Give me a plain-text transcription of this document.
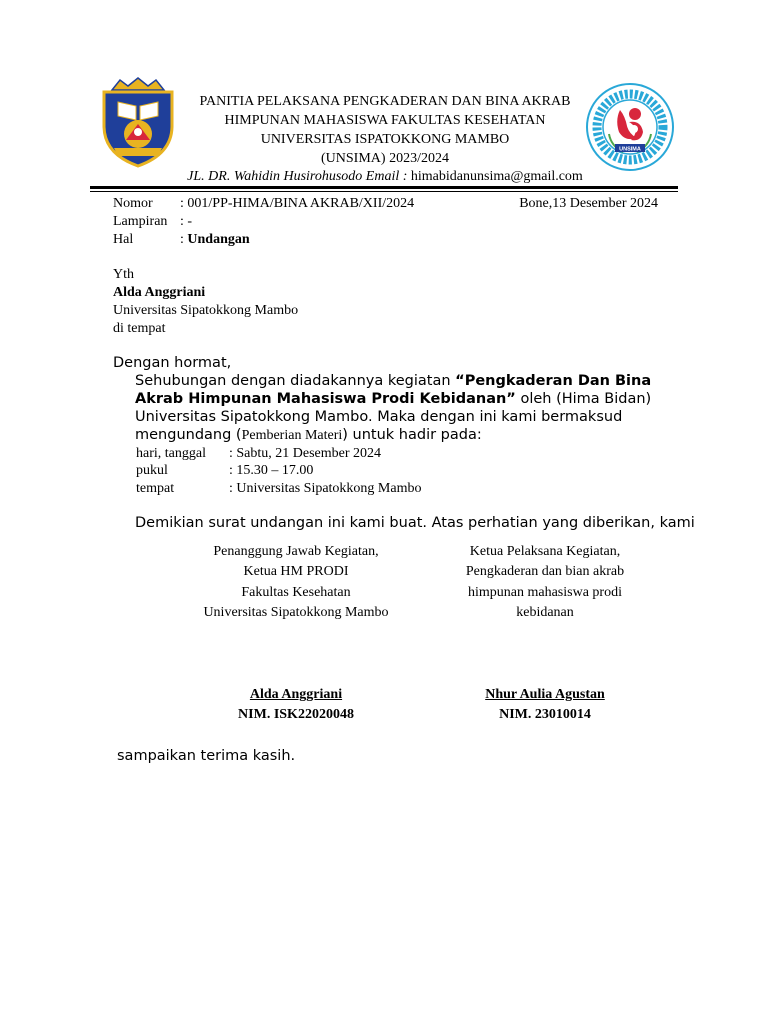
UNSIMA
PANITIA PELAKSANA PENGKADERAN DAN BINA AKRAB
HIMPUNAN MAHASISWA FAKULTAS KESEHATAN
UNIVERSITAS ISPATOKKONG MAMBO
(UNSIMA) 2023/2024
JL. DR. Wahidin Husirohusodo Email : himabidanunsima@gmail.com
Nomor : 001/PP-HIMA/BINA AKRAB/XII/2024	Bone,13 Desember 2024
Lampiran : -
Hal	: Undangan
Yth
Alda Anggriani
Universitas Sipatokkong Mambo
di tempat
Dengan hormat,
Sehubungan dengan diadakannya kegiatan “Pengkaderan Dan Bina Akrab Himpunan Mahasiswa Prodi Kebidanan” oleh (Hima Bidan) Universitas Sipatokkong Mambo. Maka dengan ini kami bermaksud mengundang (Pemberian Materi) untuk hadir pada:
hari, tanggal : Sabtu, 21 Desember 2024
pukul	: 15.30 – 17.00
tempat	: Universitas Sipatokkong Mambo
Demikian surat undangan ini kami buat. Atas perhatian yang diberikan, kami
Penanggung Jawab Kegiatan,
Ketua HM PRODI
Fakultas Kesehatan
Universitas Sipatokkong Mambo
Ketua Pelaksana Kegiatan,
Pengkaderan dan bian akrab
himpunan mahasiswa prodi
kebidanan
Alda Anggriani
NIM. ISK22020048
Nhur Aulia Agustan
NIM. 23010014
sampaikan terima kasih.
